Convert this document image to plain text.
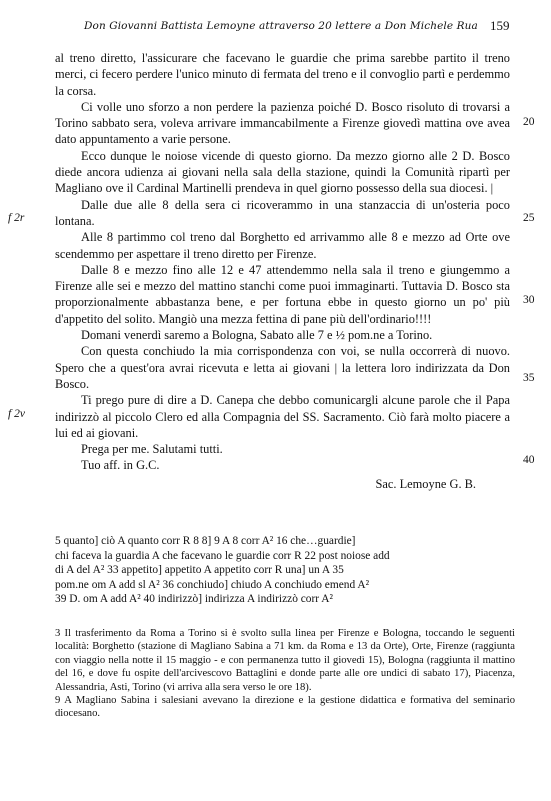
Don Giovanni Battista Lemoyne attraverso 20 lettere a Don Michele Rua 159

al treno diretto, l'assicurare che facevano le guardie che prima sarebbe partito il treno merci, ci fecero perdere l'unico minuto di fermata del treno e il convoglio partì e perdemmo la corsa.

Ci volle uno sforzo a non perdere la pazienza poiché D. Bosco risoluto di trovarsi a Torino sabbato sera, voleva arrivare immancabilmente a Firenze giovedì mattina ove avea dato appuntamento a varie persone.

Ecco dunque le noiose vicende di questo giorno. Da mezzo giorno alle 2 D. Bosco diede ancora udienza ai giovani nella sala della stazione, quindi la Comunità ripartì per Magliano ove il Cardinal Martinelli prendeva in quel giorno possesso della sua diocesi. |

Dalle due alle 8 della sera ci ricoverammo in una stanzaccia di un'osteria poco lontana.

Alle 8 partimmo col treno dal Borghetto ed arrivammo alle 8 e mezzo ad Orte ove scendemmo per aspettare il treno diretto per Firenze.

Dalle 8 e mezzo fino alle 12 e 47 attendemmo nella sala il treno e giungemmo a Firenze alle sei e mezzo del mattino stanchi come puoi immaginarti. Tuttavia D. Bosco sta proporzionalmente abbastanza bene, e per fortuna ebbe in questo giorno un po' più d'appetito del solito. Mangiò una mezza fettina di pane più dell'ordinario!!!!

Domani venerdì saremo a Bologna, Sabato alle 7 e ½ pom.ne a Torino.

Con questa conchiudo la mia corrispondenza con voi, se nulla occorrerà di nuovo. Spero che a quest'ora avrai ricevuta e letta ai giovani | la lettera loro indirizzata da Don Bosco.

Ti prego pure di dire a D. Canepa che debbo comunicargli alcune parole che il Papa indirizzò al piccolo Clero ed alla Compagnia del SS. Sacramento. Ciò farà molto piacere a lui ed ai giovani.

Prega per me. Salutami tutti.

Tuo aff. in G.C.

Sac. Lemoyne G. B.

20
25
30
35
40
f 2r
f 2v
5 quanto] ciò A quanto corr R 8 8] 9 A 8 corr A² 16 che…guardie]
chi faceva la guardia A che facevano le guardie corr R 22 post noiose add
di A del A² 33 appetito] appetito A appetito corr R una] un A 35
pom.ne om A add sl A² 36 conchiudo] chiudo A conchiudo emend A²
39 D. om A add A² 40 indirizzò] indirizza A indirizzò corr A²

3 Il trasferimento da Roma a Torino si è svolto sulla linea per Firenze e Bologna, toccando le seguenti località: Borghetto (stazione di Magliano Sabina a 71 km. da Roma e 13 da Orte), Orte, Firenze (raggiunta con viaggio nella notte il 15 maggio - e con permanenza tutto il giovedì 15), Bologna (raggiunta il mattino del 16, e dove fu ospite dell'arcivescovo Battaglini e donde parte alle ore undici di sabato 17), Piacenza, Alessandria, Asti, Torino (vi arriva alla sera verso le ore 18).

9 A Magliano Sabina i salesiani avevano la direzione e la gestione didattica e formativa del seminario diocesano.
